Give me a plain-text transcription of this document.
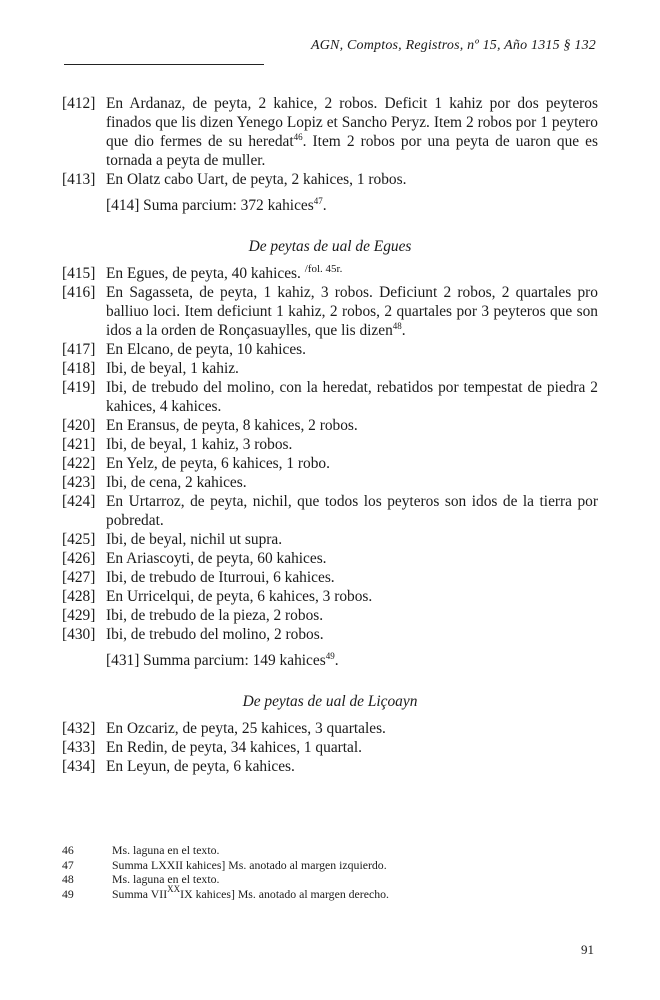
AGN, Comptos, Registros, nº 15, Año 1315 § 132
[412] En Ardanaz, de peyta, 2 kahice, 2 robos. Deficit 1 kahiz por dos peyteros finados que lis dizen Yenego Lopiz et Sancho Peryz. Item 2 robos por 1 peytero que dio fermes de su heredat$^{46}$. Item 2 robos por una peyta de uaron que es tornada a peyta de muller.
[413] En Olatz cabo Uart, de peyta, 2 kahices, 1 robos.
[414] Suma parcium: 372 kahices$^{47}$.
De peytas de ual de Egues
[415] En Egues, de peyta, 40 kahices. $^{/fol. 45r.}$
[416] En Sagasseta, de peyta, 1 kahiz, 3 robos. Deficiunt 2 robos, 2 quartales pro balliuo loci. Item deficiunt 1 kahiz, 2 robos, 2 quartales por 3 peyteros que son idos a la orden de Ronçasuaylles, que lis dizen$^{48}$.
[417] En Elcano, de peyta, 10 kahices.
[418] Ibi, de beyal, 1 kahiz.
[419] Ibi, de trebudo del molino, con la heredat, rebatidos por tempestat de piedra 2 kahices, 4 kahices.
[420] En Eransus, de peyta, 8 kahices, 2 robos.
[421] Ibi, de beyal, 1 kahiz, 3 robos.
[422] En Yelz, de peyta, 6 kahices, 1 robo.
[423] Ibi, de cena, 2 kahices.
[424] En Urtarroz, de peyta, nichil, que todos los peyteros son idos de la tierra por pobredat.
[425] Ibi, de beyal, nichil ut supra.
[426] En Ariascoyti, de peyta, 60 kahices.
[427] Ibi, de trebudo de Iturroui, 6 kahices.
[428] En Urricelqui, de peyta, 6 kahices, 3 robos.
[429] Ibi, de trebudo de la pieza, 2 robos.
[430] Ibi, de trebudo del molino, 2 robos.
[431] Summa parcium: 149 kahices$^{49}$.
De peytas de ual de Liçoayn
[432] En Ozcariz, de peyta, 25 kahices, 3 quartales.
[433] En Redin, de peyta, 34 kahices, 1 quartal.
[434] En Leyun, de peyta, 6 kahices.
46	Ms. laguna en el texto.
47	Summa LXXII kahices] Ms. anotado al margen izquierdo.
48	Ms. laguna en el texto.
49	Summa $VII^{XX}IX$ kahices] Ms. anotado al margen derecho.
91
